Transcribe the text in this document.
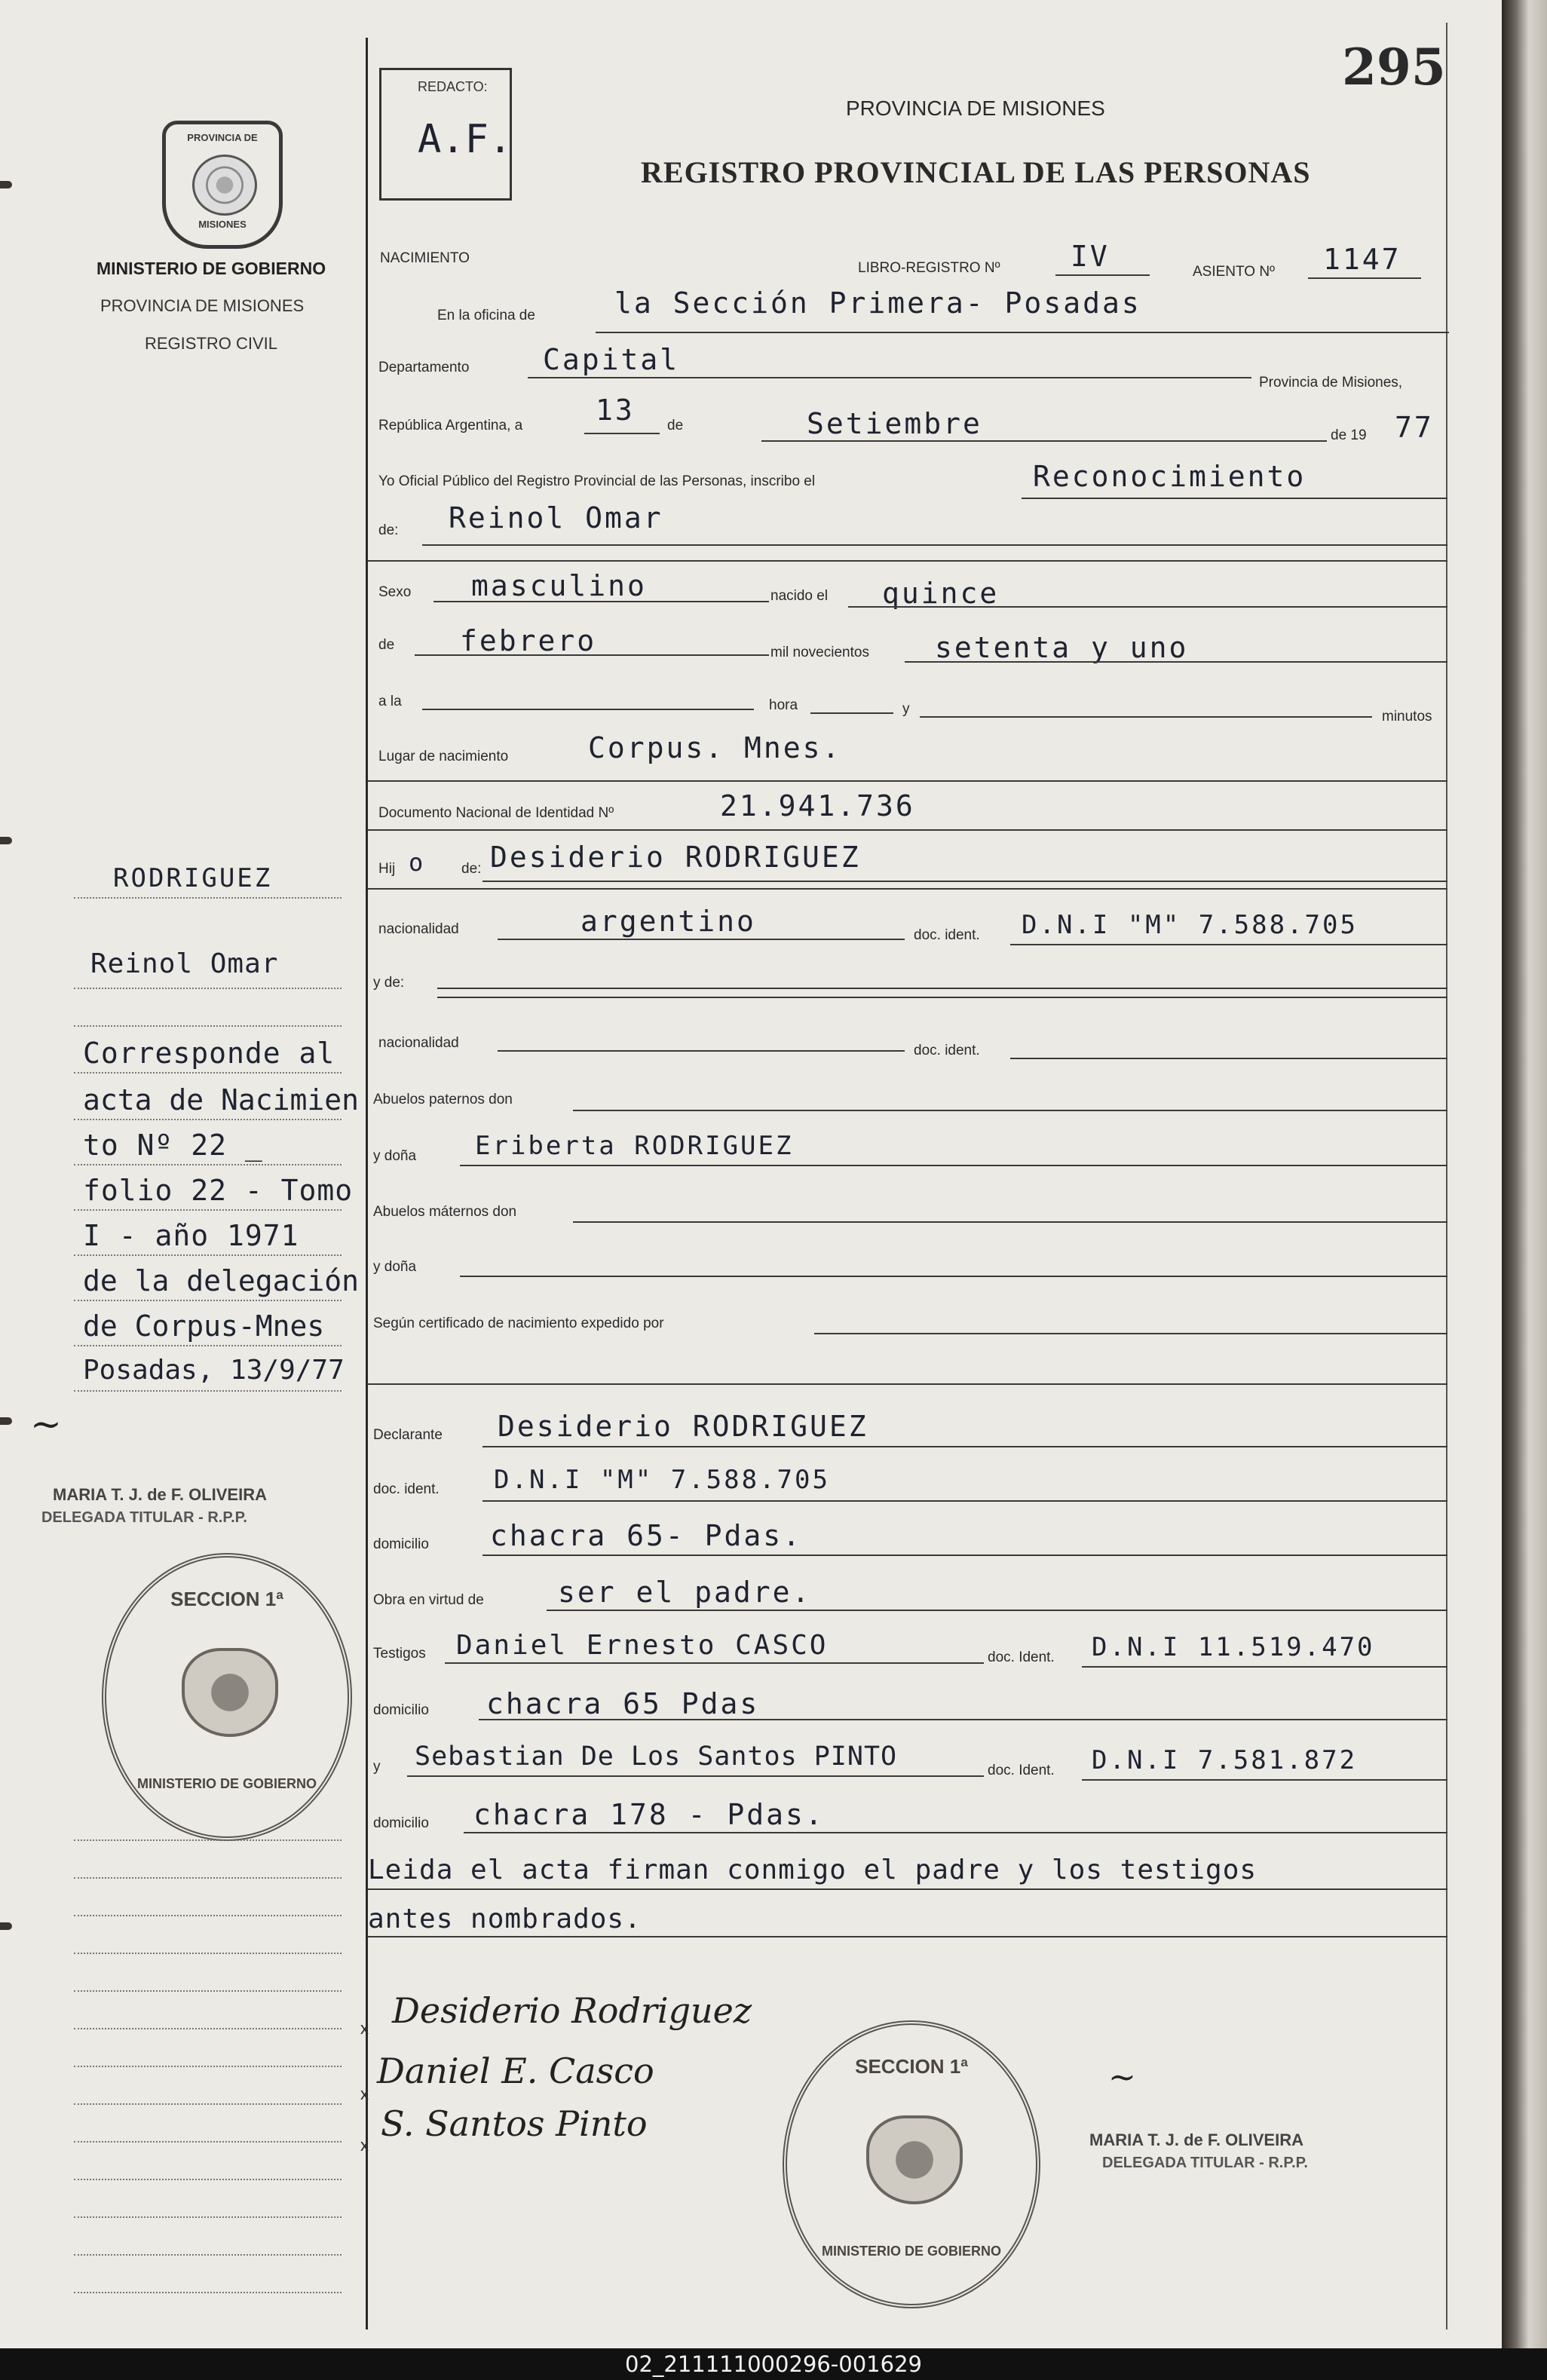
295
REDACTO:
A.F.
PROVINCIA DE MISIONES
REGISTRO PROVINCIAL DE LAS PERSONAS
PROVINCIA DE
MISIONES
MINISTERIO DE GOBIERNO
PROVINCIA DE MISIONES
REGISTRO CIVIL
NACIMIENTO
LIBRO-REGISTRO Nº IV	ASIENTO Nº 1147
En la oficina de	la Sección Primera- Posadas
Departamento	Capital
Provincia de Misiones,
República Argentina, a	13 de	Setiembre	de 19 77
Yo Oficial Público del Registro Provincial de las Personas, inscribo el	Reconocimiento
de: Reinol Omar
Sexo masculino	nacido el quince
de febrero	mil novecientos setenta y uno
a la	hora	y	minutos
Lugar de nacimiento	Corpus. Mnes.
Documento Nacional de Identidad Nº	21.941.736
Hij o	de: Desiderio RODRIGUEZ
nacionalidad	argentino	doc. ident. D.N.I "M" 7.588.705
y de:
nacionalidad	doc. ident.
Abuelos paternos don
y doña Eriberta RODRIGUEZ
Abuelos máternos don
y doña
Según certificado de nacimiento expedido por
Declarante Desiderio RODRIGUEZ
doc. ident. D.N.I "M" 7.588.705
domicilio chacra 65- Pdas.
Obra en virtud de	ser el padre.
Testigos Daniel Ernesto CASCO	doc. Ident. D.N.I 11.519.470
domicilio chacra 65 Pdas
y Sebastian De Los Santos PINTO	doc. Ident. D.N.I 7.581.872
domicilio chacra 178 - Pdas.
Leida el acta firman conmigo el padre y los testigos
antes nombrados.
x Desiderio Rodriguez
x
Daniel E. Casco
x
S. Santos Pinto
~
MARIA T. J. de F. OLIVEIRA
DELEGADA TITULAR - R.P.P.
SECCION 1ª
MINISTERIO DE GOBIERNO
RODRIGUEZ
Reinol Omar
Corresponde al
acta de Nacimien
to Nº 22 _
folio 22 - Tomo
I - año 1971
de la delegación
de Corpus-Mnes
Posadas, 13/9/77
~
MARIA T. J. de F. OLIVEIRA
DELEGADA TITULAR - R.P.P.
SECCION 1ª
MINISTERIO DE GOBIERNO
02_211111000296-001629
